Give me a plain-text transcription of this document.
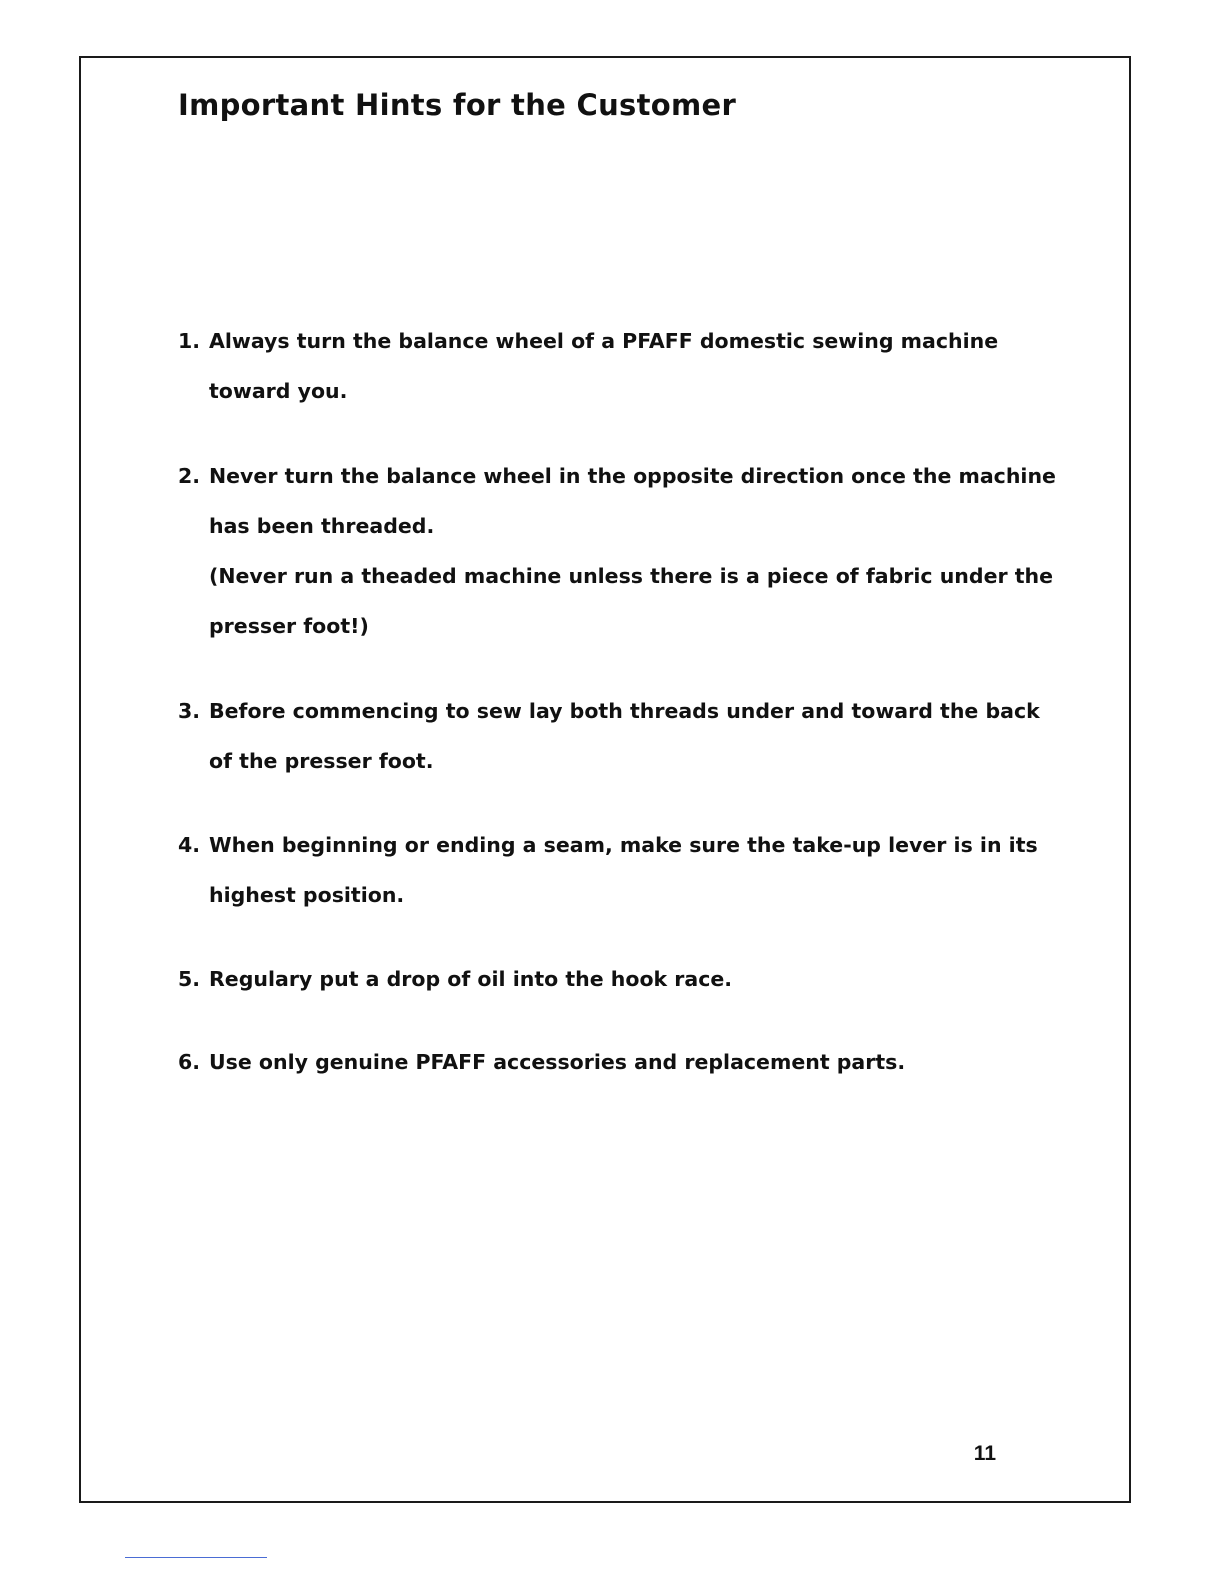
Important Hints for the Customer
1. Always turn the balance wheel of a PFAFF domestic sewing machine
toward you.
2. Never turn the balance wheel in the opposite direction once the machine
has been threaded.
(Never run a theaded machine unless there is a piece of fabric under the
presser foot!)
3. Before commencing to sew lay both threads under and toward the back
of the presser foot.
4. When beginning or ending a seam, make sure the take-up lever is in its
highest position.
5. Regulary put a drop of oil into the hook race.
6. Use only genuine PFAFF accessories and replacement parts.
11
